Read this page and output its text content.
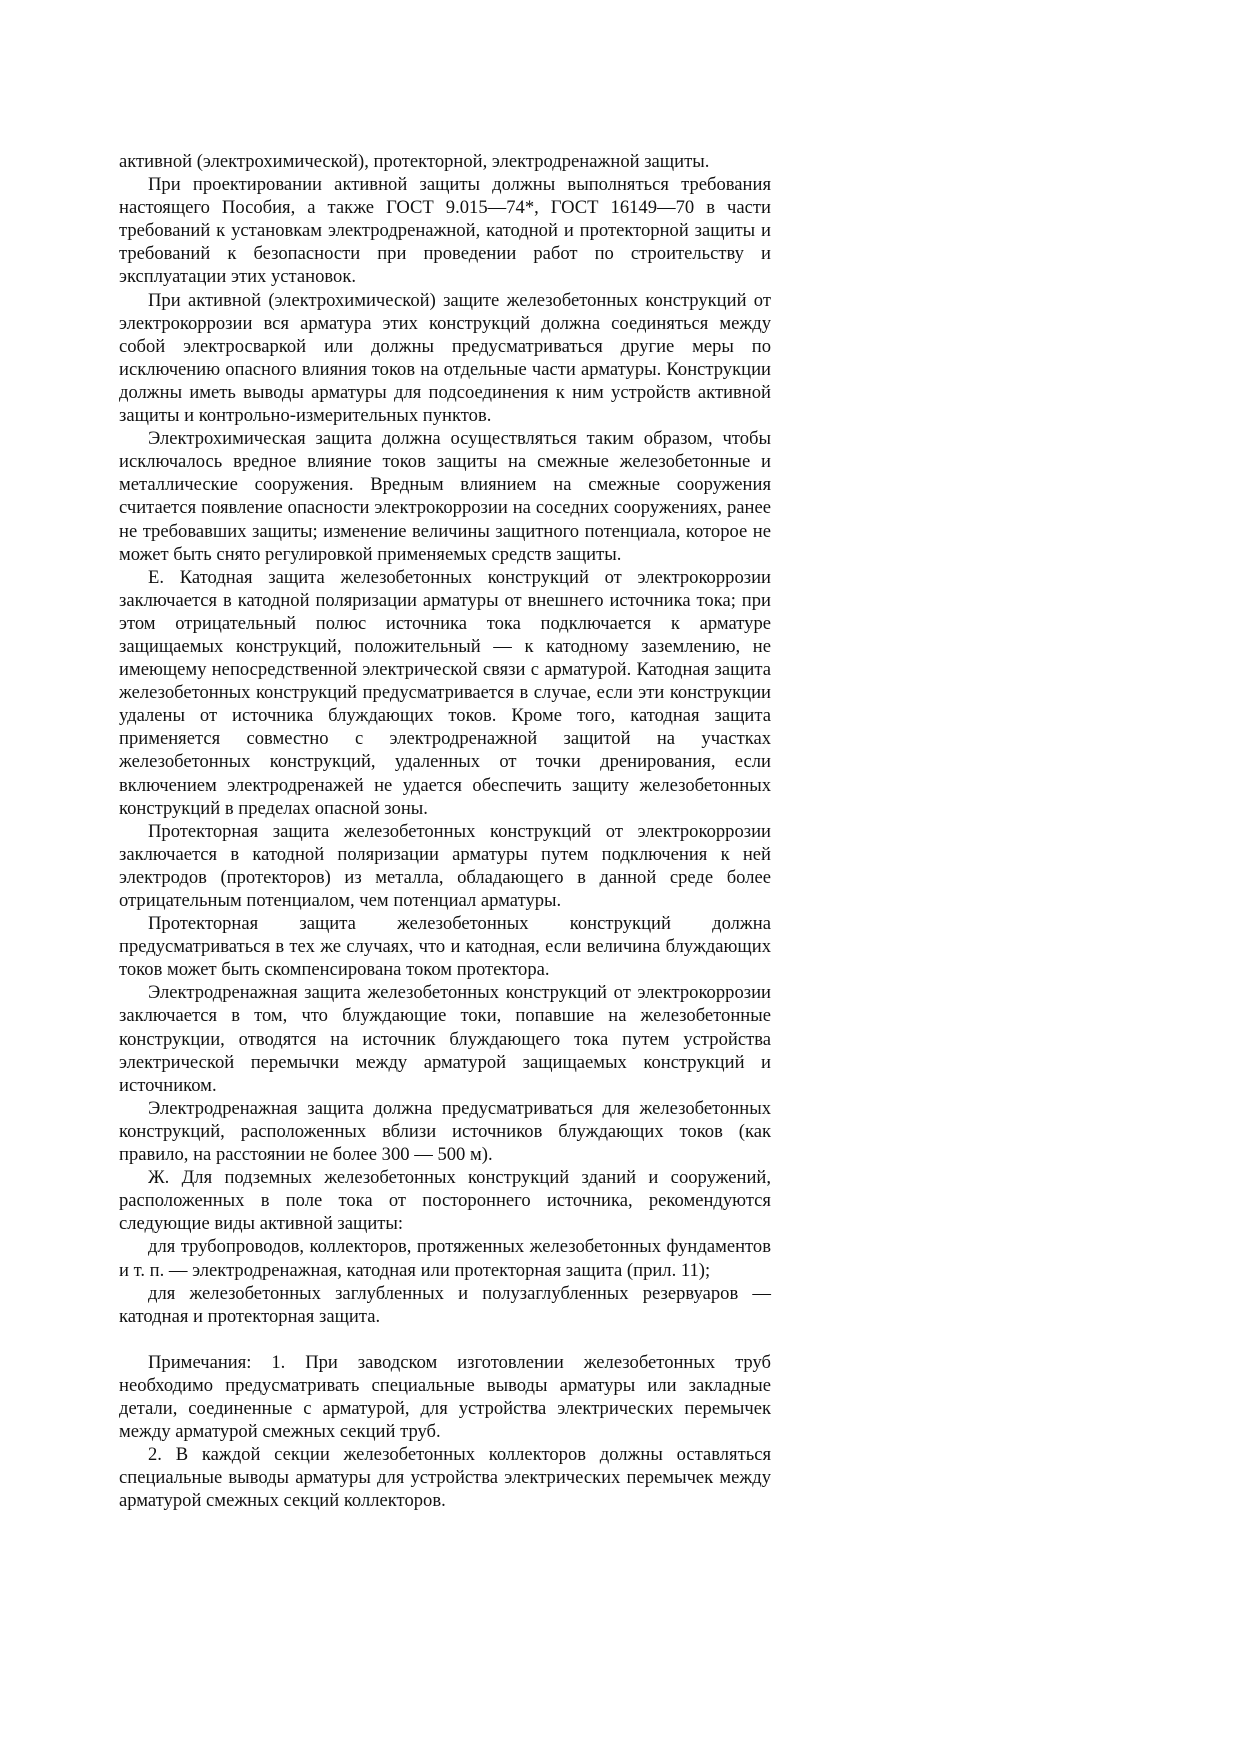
активной (электрохимической), протекторной, электродренажной защиты.

При проектировании активной защиты должны выполняться требования настоящего Пособия, а также ГОСТ 9.015—74*, ГОСТ 16149—70 в части требований к установкам электродренажной, катодной и протекторной защиты и требований к безопасности при проведении работ по строительству и эксплуатации этих установок.

При активной (электрохимической) защите железобетонных конструкций от электрокоррозии вся арматура этих конструкций должна соединяться между собой электросваркой или должны предусматриваться другие меры по исключению опасного влияния токов на отдельные части арматуры. Конструкции должны иметь выводы арматуры для подсоединения к ним устройств активной защиты и контрольно-измерительных пунктов.

Электрохимическая защита должна осуществляться таким образом, чтобы исключалось вредное влияние токов защиты на смежные железобетонные и металлические сооружения. Вредным влиянием на смежные сооружения считается появление опасности электрокоррозии на соседних сооружениях, ранее не требовавших защиты; изменение величины защитного потенциала, которое не может быть снято регулировкой применяемых средств защиты.

Е. Катодная защита железобетонных конструкций от электрокоррозии заключается в катодной поляризации арматуры от внешнего источника тока; при этом отрицательный полюс источника тока подключается к арматуре защищаемых конструкций, положительный — к катодному заземлению, не имеющему непосредственной электрической связи с арматурой. Катодная защита железобетонных конструкций предусматривается в случае, если эти конструкции удалены от источника блуждающих токов. Кроме того, катодная защита применяется совместно с электродренажной защитой на участках железобетонных конструкций, удаленных от точки дренирования, если включением электродренажей не удается обеспечить защиту железобетонных конструкций в пределах опасной зоны.

Протекторная защита железобетонных конструкций от электрокоррозии заключается в катодной поляризации арматуры путем подключения к ней электродов (протекторов) из металла, обладающего в данной среде более отрицательным потенциалом, чем потенциал арматуры.

Протекторная защита железобетонных конструкций должна предусматриваться в тех же случаях, что и катодная, если величина блуждающих токов может быть скомпенсирована током протектора.

Электродренажная защита железобетонных конструкций от электрокоррозии заключается в том, что блуждающие токи, попавшие на железобетонные конструкции, отводятся на источник блуждающего тока путем устройства электрической перемычки между арматурой защищаемых конструкций и источником.

Электродренажная защита должна предусматриваться для железобетонных конструкций, расположенных вблизи источников блуждающих токов (как правило, на расстоянии не более 300 — 500 м).

Ж. Для подземных железобетонных конструкций зданий и сооружений, расположенных в поле тока от постороннего источника, рекомендуются следующие виды активной защиты:

для трубопроводов, коллекторов, протяженных железобетонных фундаментов и т. п. — электродренажная, катодная или протекторная защита (прил. 11);

для железобетонных заглубленных и полузаглубленных резервуаров — катодная и протекторная защита.

Примечания: 1. При заводском изготовлении железобетонных труб необходимо предусматривать специальные выводы арматуры или закладные детали, соединенные с арматурой, для устройства электрических перемычек между арматурой смежных секций труб.

2. В каждой секции железобетонных коллекторов должны оставляться специальные выводы арматуры для устройства электрических перемычек между арматурой смежных секций коллекторов.
